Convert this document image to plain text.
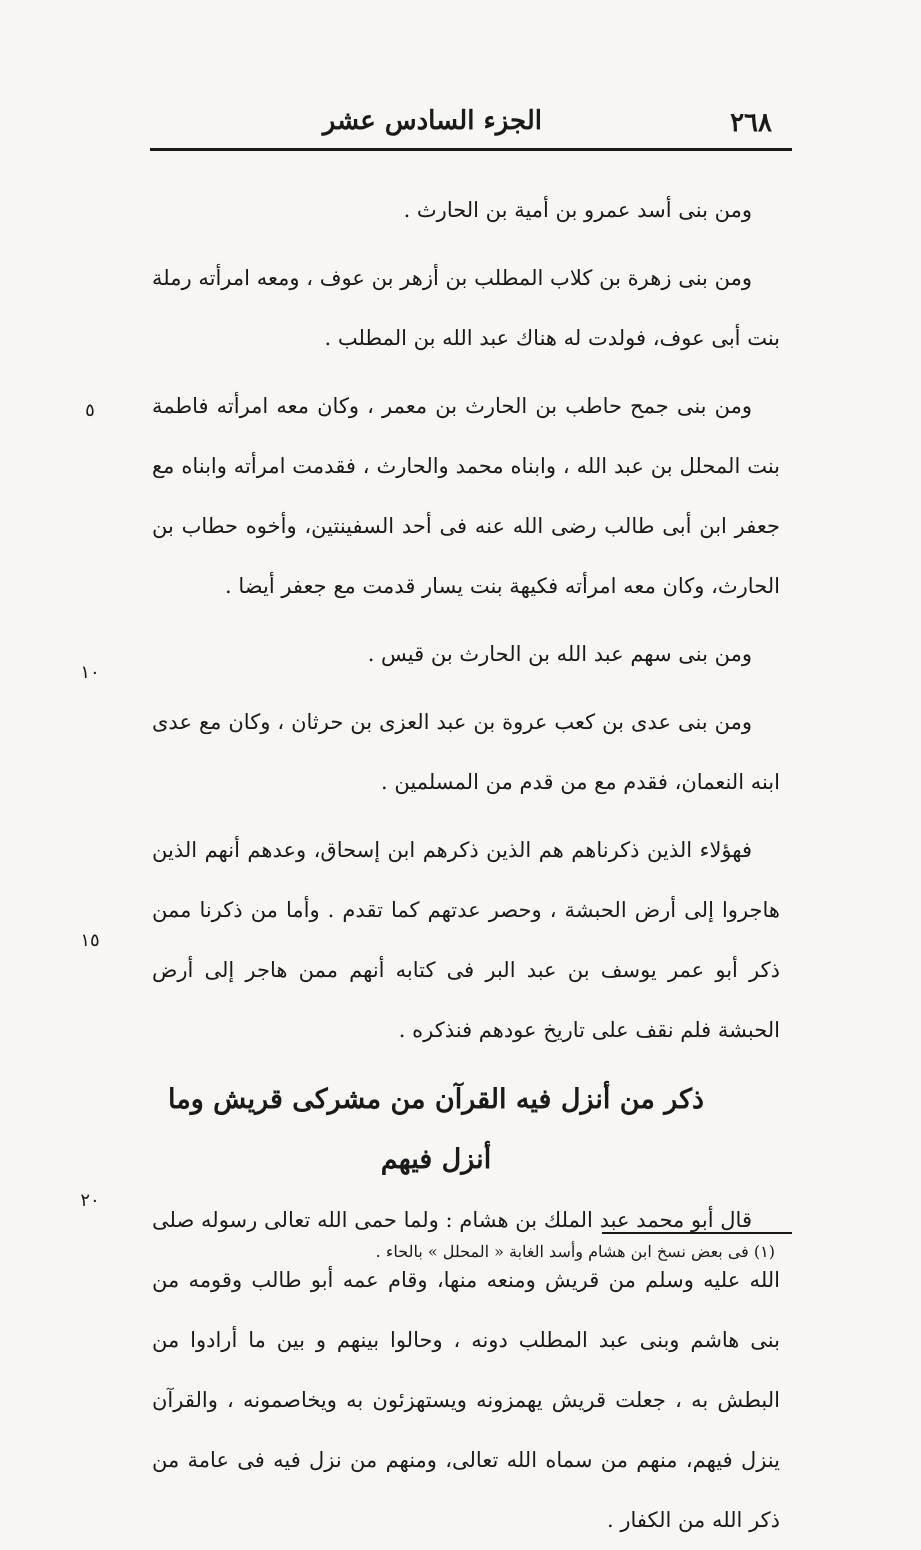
٢٦٨
الجزء السادس عشر

ومن بنى أسد عمرو بن أمية بن الحارث .

ومن بنى زهرة بن كلاب المطلب بن أزهر بن عوف ، ومعه امرأته رملة بنت أبى عوف، فولدت له هناك عبد الله بن المطلب .

ومن بنى جمح حاطب بن الحارث بن معمر ، وكان معه امرأته فاطمة بنت المحلل بن عبد الله ، وابناه محمد والحارث ، فقدمت امرأته وابناه مع جعفر ابن أبى طالب رضى الله عنه فى أحد السفينتين، وأخوه حطاب بن الحارث، وكان معه امرأته فكيهة بنت يسار قدمت مع جعفر أيضا .

ومن بنى سهم عبد الله بن الحارث بن قيس .

ومن بنى عدى بن كعب عروة بن عبد العزى بن حرثان ، وكان مع عدى ابنه النعمان، فقدم مع من قدم من المسلمين .

فهؤلاء الذين ذكرناهم هم الذين ذكرهم ابن إسحاق، وعدهم أنهم الذين هاجروا إلى أرض الحبشة ، وحصر عدتهم كما تقدم . وأما من ذكرنا ممن ذكر أبو عمر يوسف بن عبد البر فى كتابه أنهم ممن هاجر إلى أرض الحبشة فلم نقف على تاريخ عودهم فنذكره .

ذكر من أنزل فيه القرآن من مشركى قريش وما أنزل فيهم

قال أبو محمد عبد الملك بن هشام : ولما حمى الله تعالى رسوله صلى الله عليه وسلم من قريش ومنعه منها، وقام عمه أبو طالب وقومه من بنى هاشم وبنى عبد المطلب دونه ، وحالوا بينهم و بين ما أرادوا من البطش به ، جعلت قريش يهمزونه ويستهزئون به ويخاصمونه ، والقرآن ينزل فيهم، منهم من سماه الله تعالى، ومنهم من نزل فيه فى عامة من ذكر الله من الكفار .

٥
١٠
١٥
٢٠
(١) فى بعض نسخ ابن هشام وأسد الغابة « المحلل » بالحاء .
